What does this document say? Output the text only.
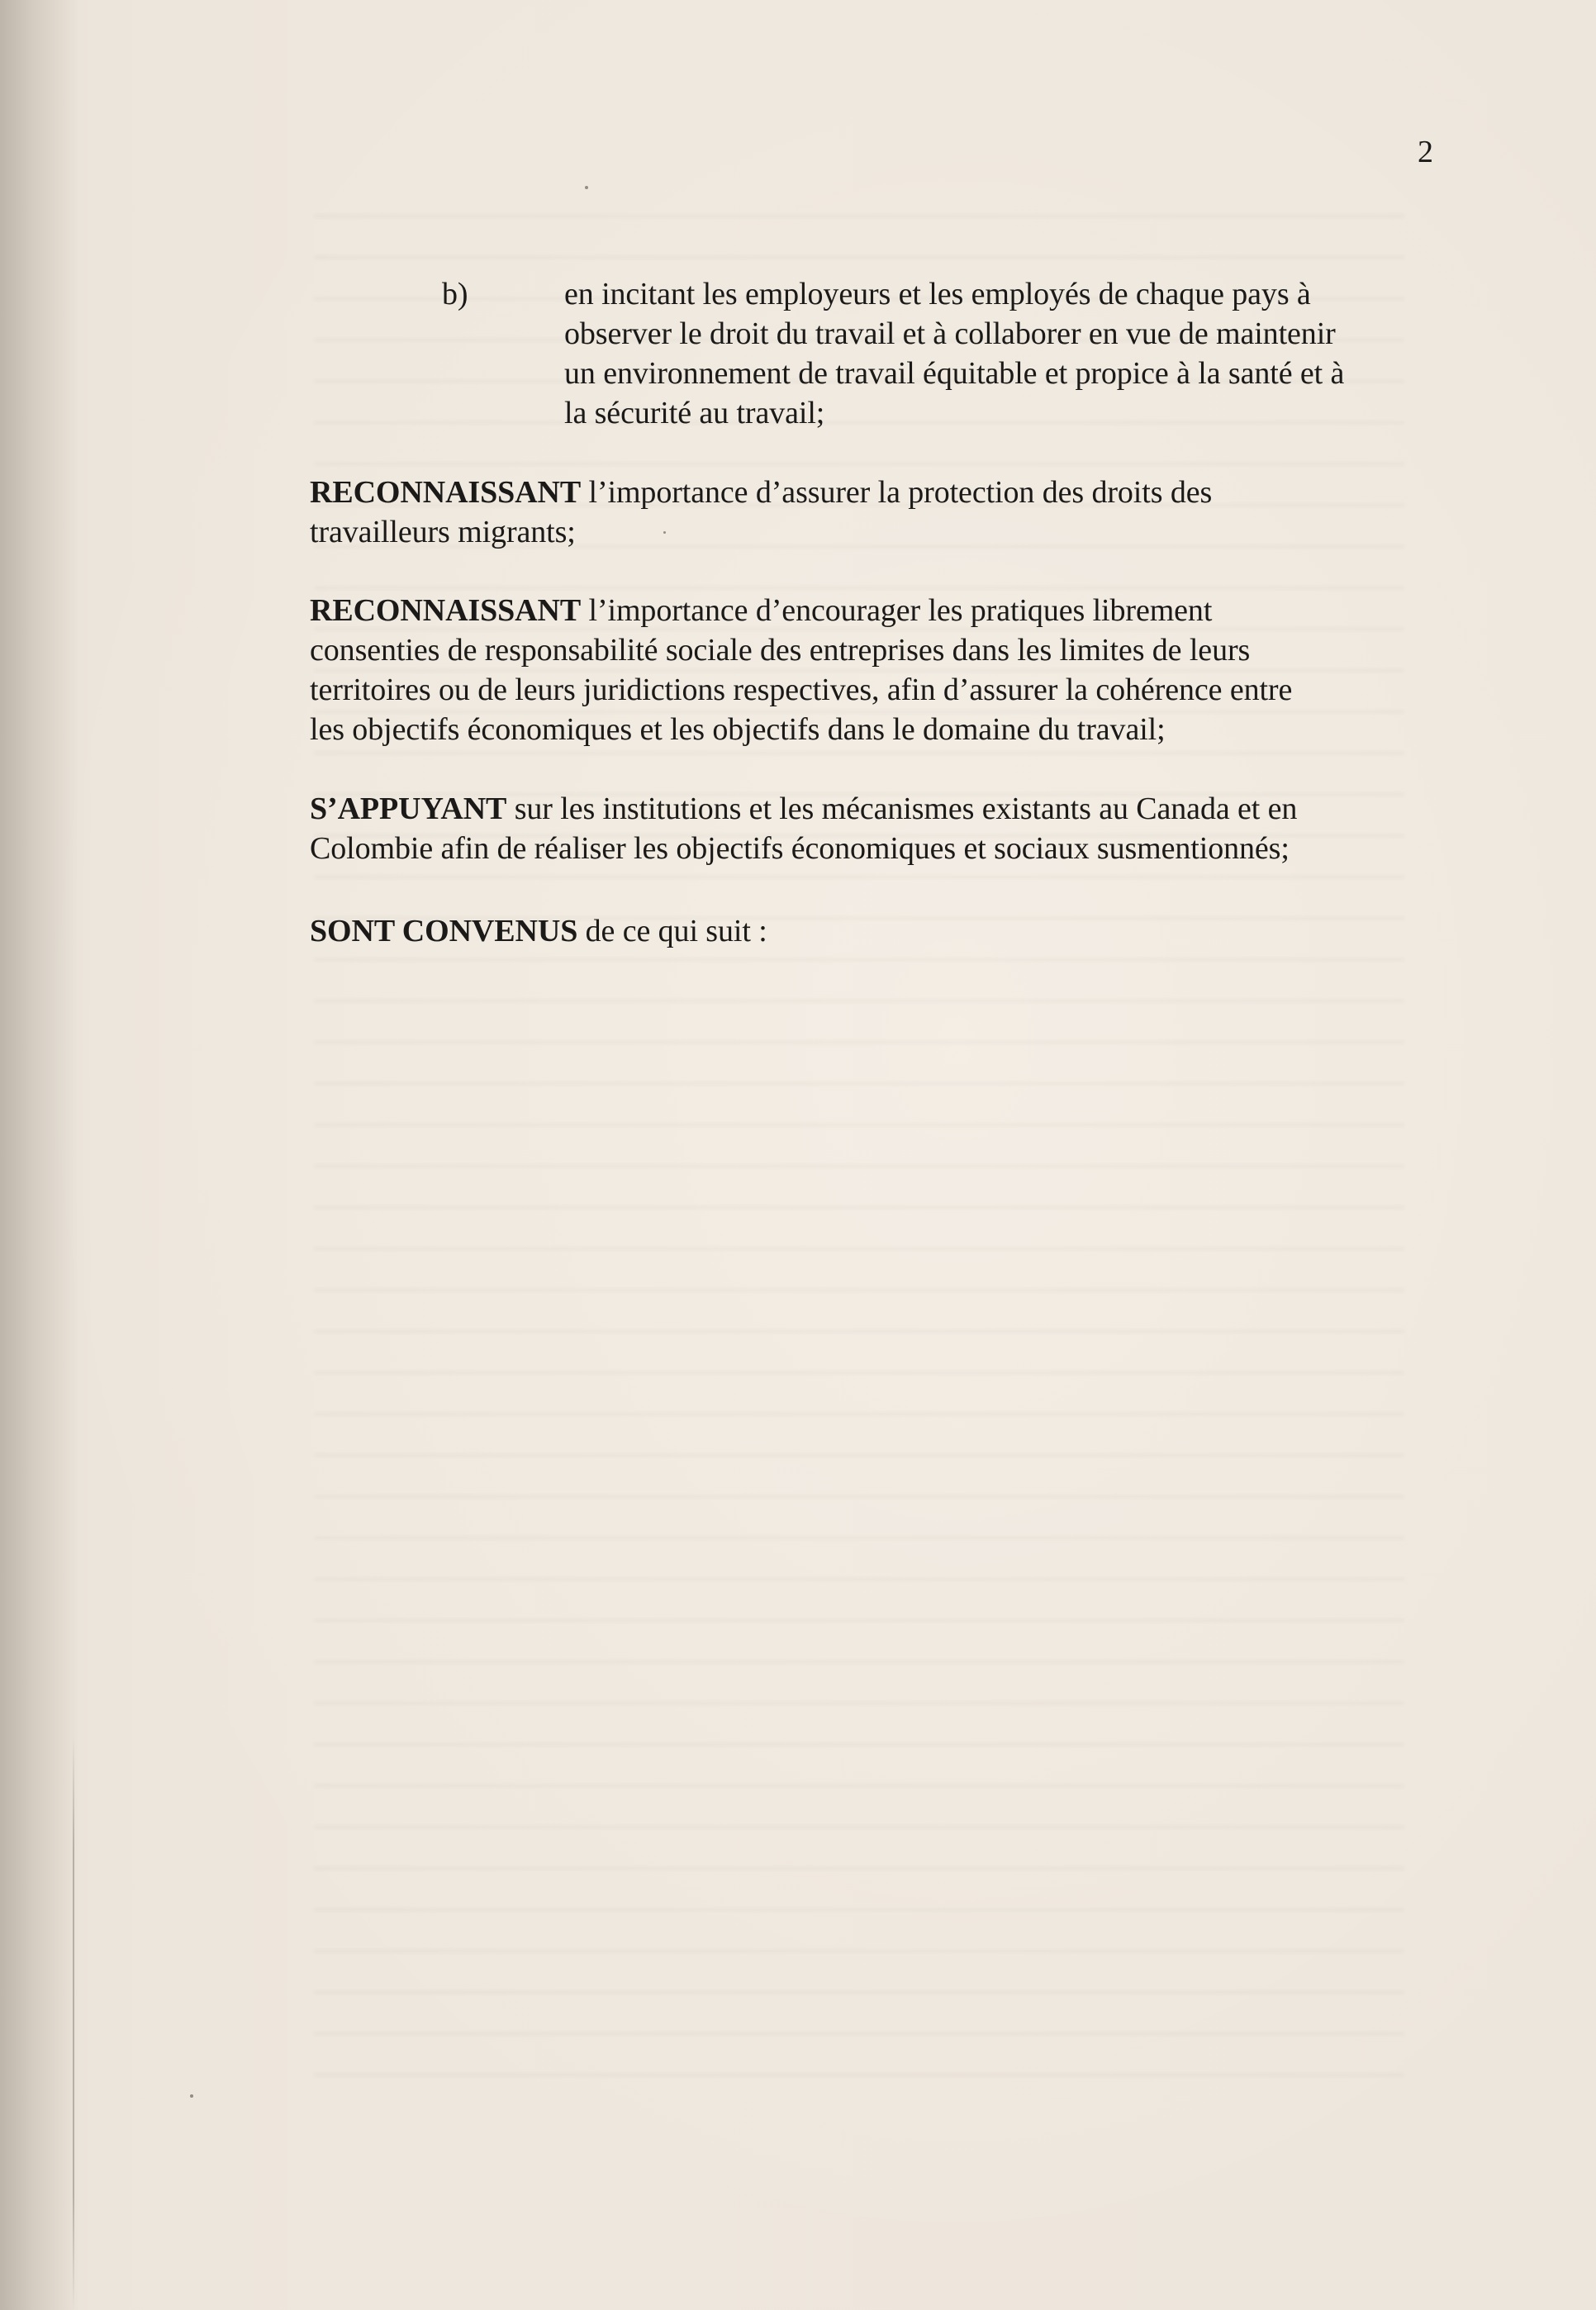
2
b)	en incitant les employeurs et les employés de chaque pays à
observer le droit du travail et à collaborer en vue de maintenir
un environnement de travail équitable et propice à la santé et à
la sécurité au travail;
RECONNAISSANT l’importance d’assurer la protection des droits des
travailleurs migrants;
RECONNAISSANT l’importance d’encourager les pratiques librement
consenties de responsabilité sociale des entreprises dans les limites de leurs
territoires ou de leurs juridictions respectives, afin d’assurer la cohérence entre
les objectifs économiques et les objectifs dans le domaine du travail;
S’APPUYANT sur les institutions et les mécanismes existants au Canada et en
Colombie afin de réaliser les objectifs économiques et sociaux susmentionnés;
SONT CONVENUS de ce qui suit :
